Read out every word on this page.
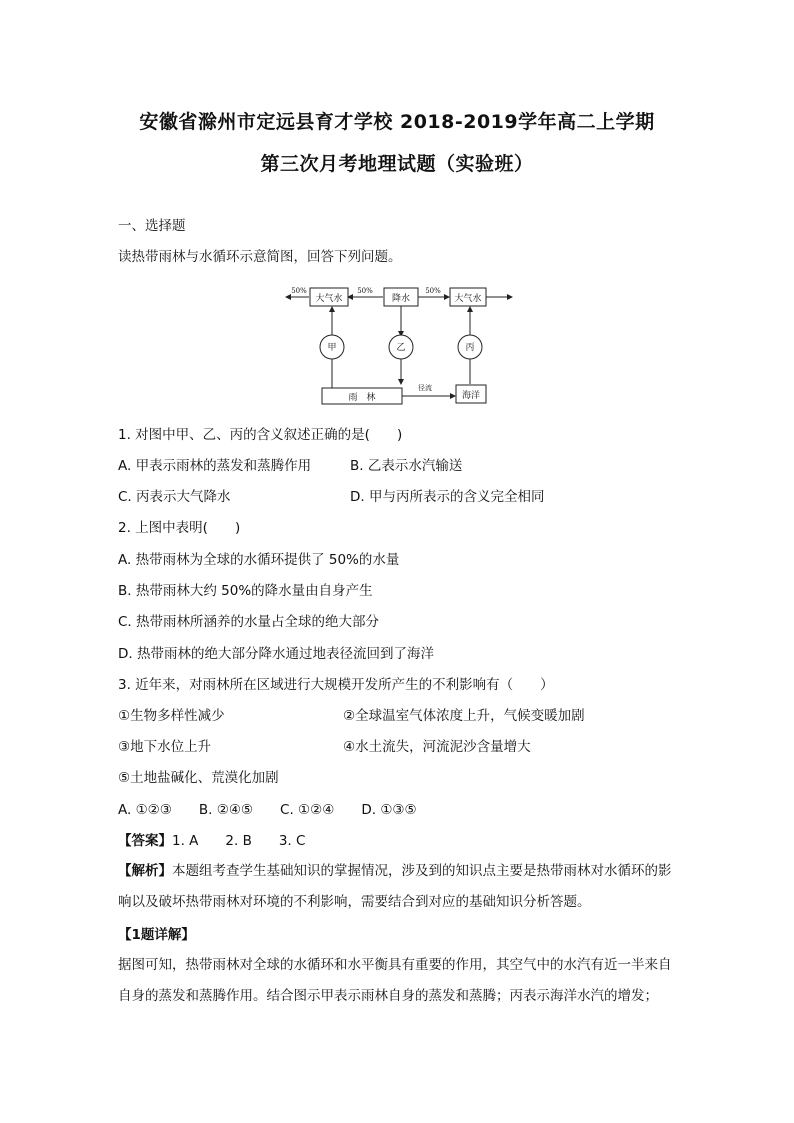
安徽省滁州市定远县育才学校 2018-2019学年高二上学期
第三次月考地理试题（实验班）
一、选择题
读热带雨林与水循环示意简图，回答下列问题。
大气水	降水	大气水
50%	50%	50%
甲	乙	丙
雨　林	海洋
径流
1. 对图中甲、乙、丙的含义叙述正确的是(　　)
A. 甲表示雨林的蒸发和蒸腾作用	B. 乙表示水汽输送
C. 丙表示大气降水	D. 甲与丙所表示的含义完全相同
2. 上图中表明(　　)
A. 热带雨林为全球的水循环提供了 50%的水量
B. 热带雨林大约 50%的降水量由自身产生
C. 热带雨林所涵养的水量占全球的绝大部分
D. 热带雨林的绝大部分降水通过地表径流回到了海洋
3. 近年来，对雨林所在区域进行大规模开发所产生的不利影响有（　　）
①生物多样性减少	②全球温室气体浓度上升，气候变暖加剧
③地下水位上升	④水土流失，河流泥沙含量增大
⑤土地盐碱化、荒漠化加剧
A. ①②③　　B. ②④⑤　　C. ①②④　　D. ①③⑤
【答案】1. A　　2. B　　3. C
【解析】本题组考查学生基础知识的掌握情况，涉及到的知识点主要是热带雨林对水循环的影响以及破坏热带雨林对环境的不利影响，需要结合到对应的基础知识分析答题。
【1题详解】
据图可知，热带雨林对全球的水循环和水平衡具有重要的作用，其空气中的水汽有近一半来自自身的蒸发和蒸腾作用。结合图示甲表示雨林自身的蒸发和蒸腾；丙表示海洋水汽的增发；
